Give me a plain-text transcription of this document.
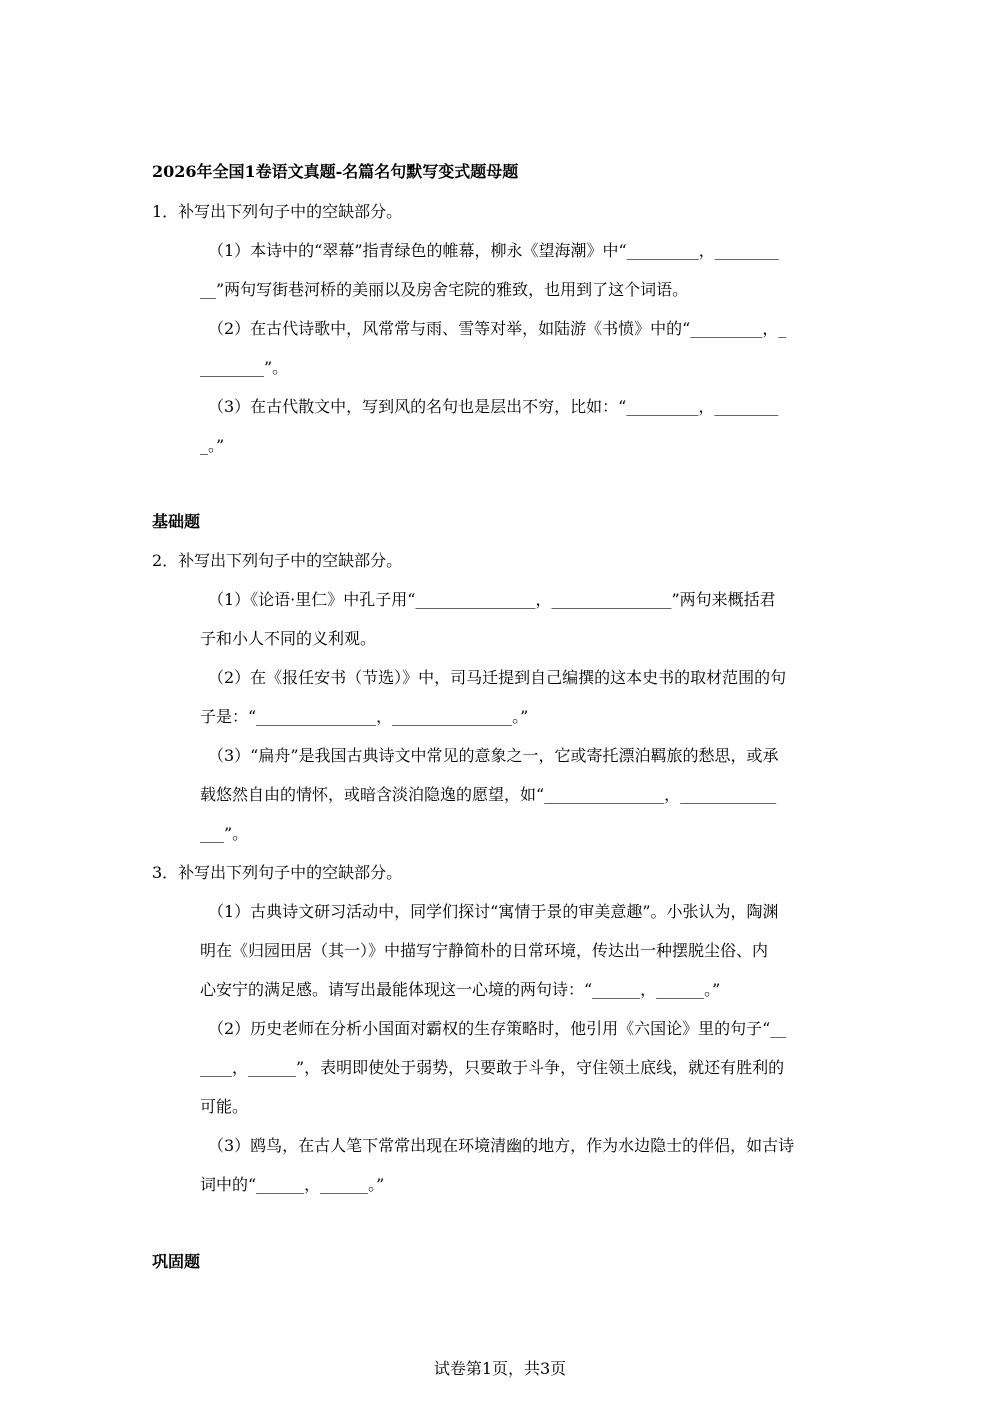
2026年全国1卷语文真题-名篇名句默写变式题母题
1．补写出下列句子中的空缺部分。
（1）本诗中的“翠幕”指青绿色的帷幕，柳永《望海潮》中“_________，________
__”两句写街巷河桥的美丽以及房舍宅院的雅致，也用到了这个词语。
（2）在古代诗歌中，风常常与雨、雪等对举，如陆游《书愤》中的“_________，_
________”。
（3）在古代散文中，写到风的名句也是层出不穷，比如：“_________，________
_。”
基础题
2．补写出下列句子中的空缺部分。
（1）《论语·里仁》中孔子用“_______________，_______________”两句来概括君
子和小人不同的义利观。
（2）在《报任安书（节选）》中，司马迁提到自己编撰的这本史书的取材范围的句
子是：“_______________，_______________。”
（3）“扁舟”是我国古典诗文中常见的意象之一，它或寄托漂泊羁旅的愁思，或承
载悠然自由的情怀，或暗含淡泊隐逸的愿望，如“_______________，____________
___”。
3．补写出下列句子中的空缺部分。
（1）古典诗文研习活动中，同学们探讨“寓情于景的审美意趣”。小张认为，陶渊
明在《归园田居（其一）》中描写宁静简朴的日常环境，传达出一种摆脱尘俗、内
心安宁的满足感。请写出最能体现这一心境的两句诗：“______，______。”
（2）历史老师在分析小国面对霸权的生存策略时，他引用《六国论》里的句子“__
____，______”，表明即使处于弱势，只要敢于斗争，守住领土底线，就还有胜利的
可能。
（3）鸥鸟，在古人笔下常常出现在环境清幽的地方，作为水边隐士的伴侣，如古诗
词中的“______，______。”
巩固题
试卷第1页，共3页
